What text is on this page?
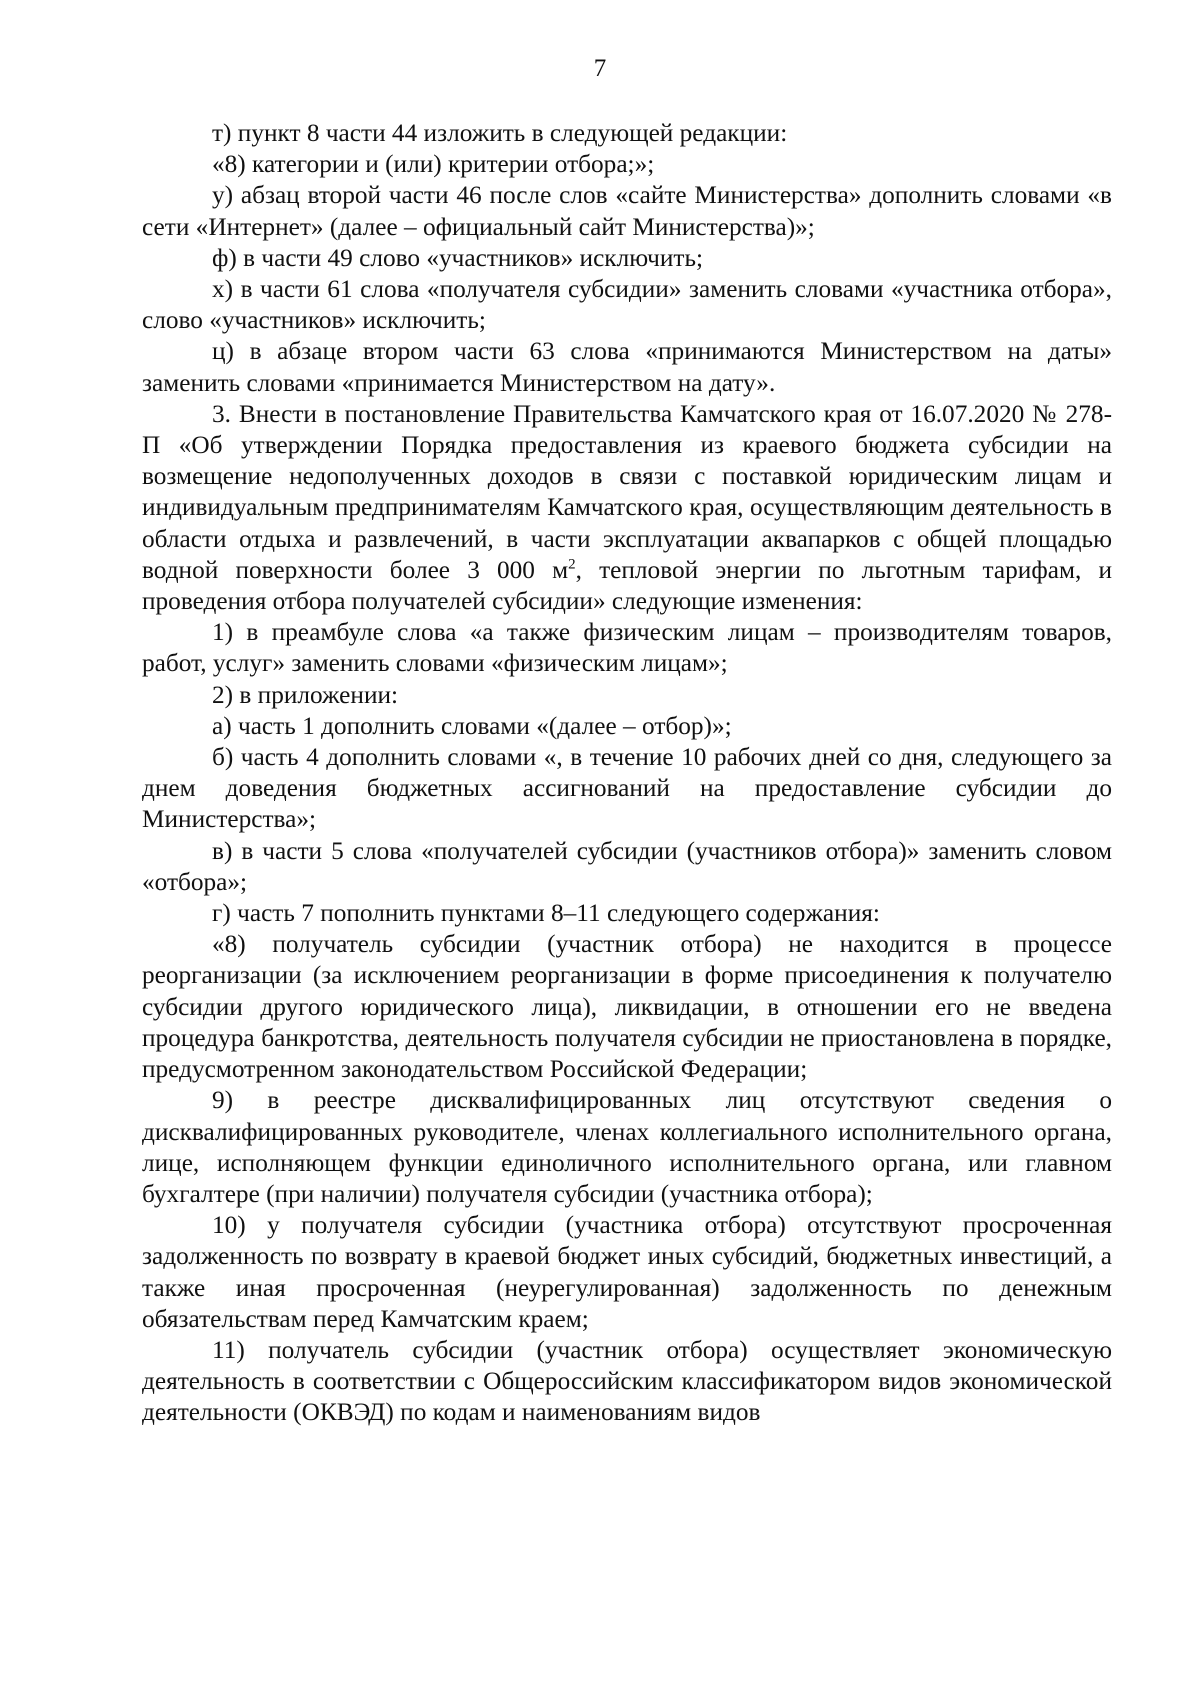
7

т) пункт 8 части 44 изложить в следующей редакции:

«8) категории и (или) критерии отбора;»;

у) абзац второй части 46 после слов «сайте Министерства» дополнить словами «в сети «Интернет» (далее – официальный сайт Министерства)»;

ф) в части 49 слово «участников» исключить;

х) в части 61 слова «получателя субсидии» заменить словами «участника отбора», слово «участников» исключить;

ц) в абзаце втором части 63 слова «принимаются Министерством на даты» заменить словами «принимается Министерством на дату».

3. Внести в постановление Правительства Камчатского края от 16.07.2020 № 278-П «Об утверждении Порядка предоставления из краевого бюджета субсидии на возмещение недополученных доходов в связи с поставкой юридическим лицам и индивидуальным предпринимателям Камчатского края, осуществляющим деятельность в области отдыха и развлечений, в части эксплуатации аквапарков с общей площадью водной поверхности более 3 000 $м^2$, тепловой энергии по льготным тарифам, и проведения отбора получателей субсидии» следующие изменения:

1) в преамбуле слова «а также физическим лицам – производителям товаров, работ, услуг» заменить словами «физическим лицам»;

2) в приложении:

а) часть 1 дополнить словами «(далее – отбор)»;

б) часть 4 дополнить словами «, в течение 10 рабочих дней со дня, следующего за днем доведения бюджетных ассигнований на предоставление субсидии до Министерства»;

в) в части 5 слова «получателей субсидии (участников отбора)» заменить словом «отбора»;

г) часть 7 пополнить пунктами 8–11 следующего содержания:

«8) получатель субсидии (участник отбора) не находится в процессе реорганизации (за исключением реорганизации в форме присоединения к получателю субсидии другого юридического лица), ликвидации, в отношении его не введена процедура банкротства, деятельность получателя субсидии не приостановлена в порядке, предусмотренном законодательством Российской Федерации;

9) в реестре дисквалифицированных лиц отсутствуют сведения о дисквалифицированных руководителе, членах коллегиального исполнительного органа, лице, исполняющем функции единоличного исполнительного органа, или главном бухгалтере (при наличии) получателя субсидии (участника отбора);

10) у получателя субсидии (участника отбора) отсутствуют просроченная задолженность по возврату в краевой бюджет иных субсидий, бюджетных инвестиций, а также иная просроченная (неурегулированная) задолженность по денежным обязательствам перед Камчатским краем;

11) получатель субсидии (участник отбора) осуществляет экономическую деятельность в соответствии с Общероссийским классификатором видов экономической деятельности (ОКВЭД) по кодам и наименованиям видов
